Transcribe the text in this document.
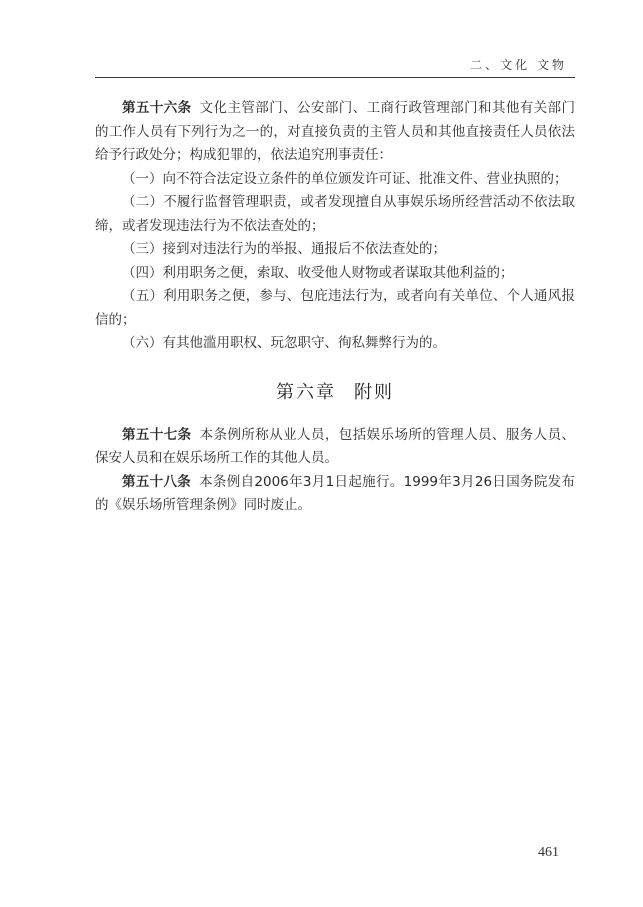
二、文化 文物

第五十六条 文化主管部门、公安部门、工商行政管理部门和其他有关部门的工作人员有下列行为之一的，对直接负责的主管人员和其他直接责任人员依法给予行政处分；构成犯罪的，依法追究刑事责任：

（一）向不符合法定设立条件的单位颁发许可证、批准文件、营业执照的；

（二）不履行监督管理职责，或者发现擅自从事娱乐场所经营活动不依法取缔，或者发现违法行为不依法查处的；

（三）接到对违法行为的举报、通报后不依法查处的；

（四）利用职务之便，索取、收受他人财物或者谋取其他利益的；

（五）利用职务之便，参与、包庇违法行为，或者向有关单位、个人通风报信的；

（六）有其他滥用职权、玩忽职守、徇私舞弊行为的。

第六章 附则

第五十七条 本条例所称从业人员，包括娱乐场所的管理人员、服务人员、保安人员和在娱乐场所工作的其他人员。

第五十八条 本条例自2006年3月1日起施行。1999年3月26日国务院发布的《娱乐场所管理条例》同时废止。

461
